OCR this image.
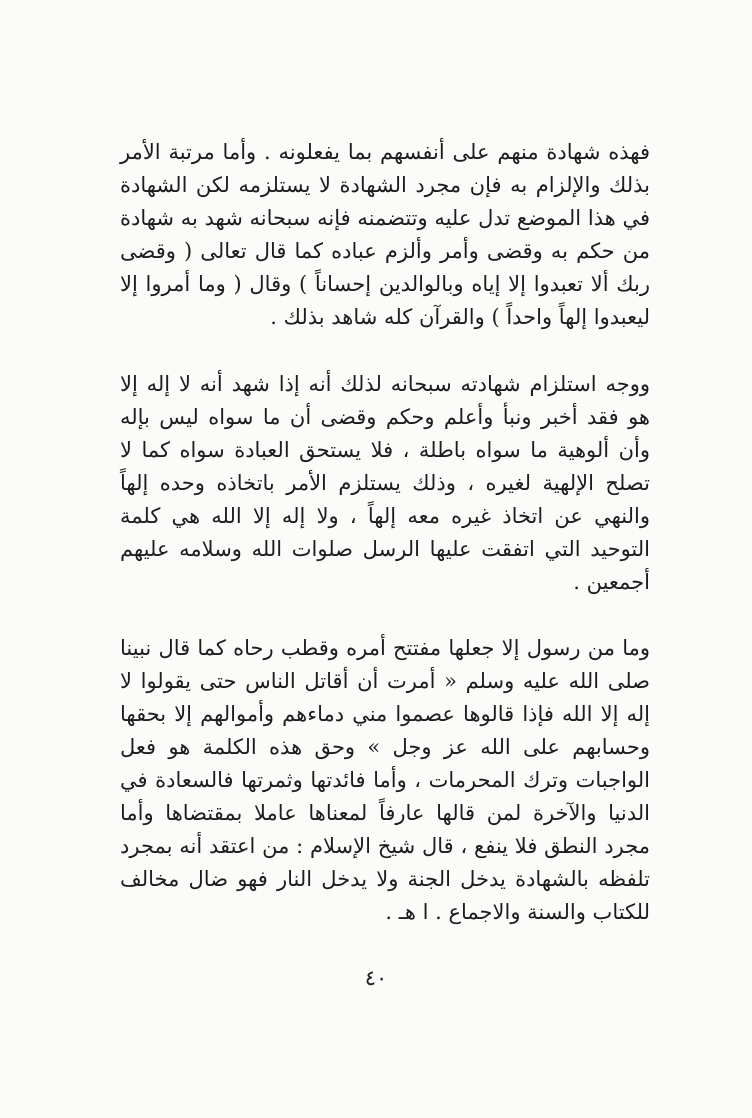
فهذه شهادة منهم على أنفسهم بما يفعلونه . وأما مرتبة الأمر بذلك والإلزام به فإن مجرد الشهادة لا يستلزمه لكن الشهادة في هذا الموضع تدل عليه وتتضمنه فإنه سبحانه شهد به شهادة من حكم به وقضى وأمر وألزم عباده كما قال تعالى ( وقضى ربك ألا تعبدوا إلا إياه وبالوالدين إحساناً ) وقال ( وما أمروا إلا ليعبدوا إلهاً واحداً ) والقرآن كله شاهد بذلك .

ووجه استلزام شهادته سبحانه لذلك أنه إذا شهد أنه لا إله إلا هو فقد أخبر ونبأ وأعلم وحكم وقضى أن ما سواه ليس بإله وأن ألوهية ما سواه باطلة ، فلا يستحق العبادة سواه كما لا تصلح الإلهية لغيره ، وذلك يستلزم الأمر باتخاذه وحده إلهاً والنهي عن اتخاذ غيره معه إلهاً ، ولا إله إلا الله هي كلمة التوحيد التي اتفقت عليها الرسل صلوات الله وسلامه عليهم أجمعين .

وما من رسول إلا جعلها مفتتح أمره وقطب رحاه كما قال نبينا صلى الله عليه وسلم « أمرت أن أقاتل الناس حتى يقولوا لا إله إلا الله فإذا قالوها عصموا مني دماءهم وأموالهم إلا بحقها وحسابهم على الله عز وجل » وحق هذه الكلمة هو فعل الواجبات وترك المحرمات ، وأما فائدتها وثمرتها فالسعادة في الدنيا والآخرة لمن قالها عارفاً لمعناها عاملا بمقتضاها وأما مجرد النطق فلا ينفع ، قال شيخ الإسلام : من اعتقد أنه بمجرد تلفظه بالشهادة يدخل الجنة ولا يدخل النار فهو ضال مخالف للكتاب والسنة والاجماع . ا هـ .

٤٠
